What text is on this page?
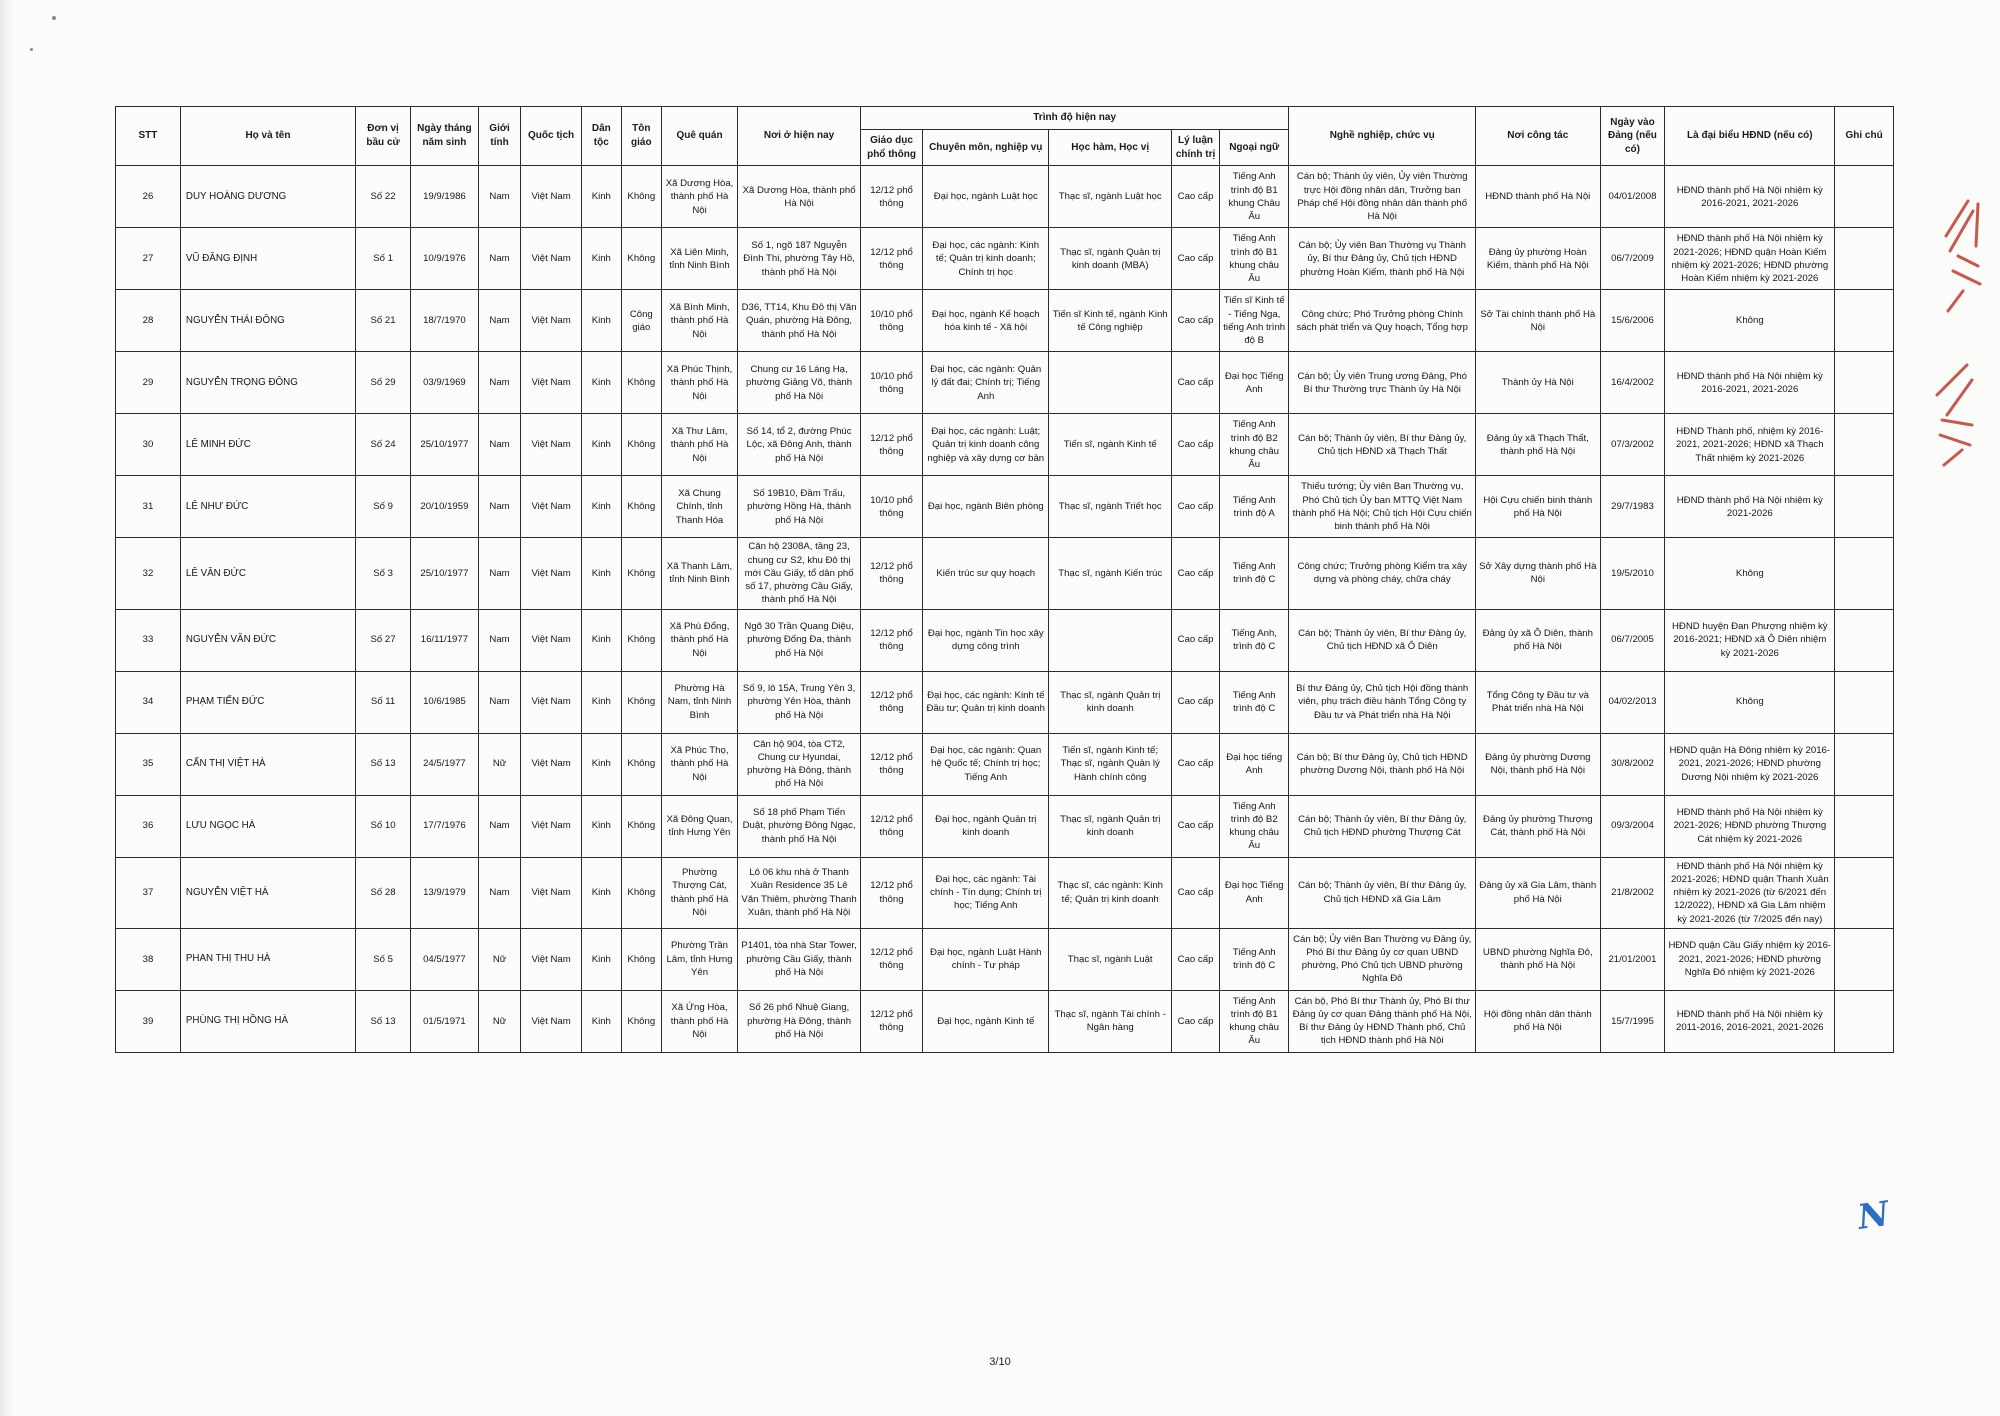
STT	Họ và tên	Đơn vị bầu cử	Ngày tháng năm sinh	Giới tính	Quốc tịch	Dân tộc	Tôn giáo	Quê quán	Nơi ở hiện nay	Trình độ hiện nay					Nghề nghiệp, chức vụ	Nơi công tác	Ngày vào Đảng (nếu có)	Là đại biểu HĐND (nếu có)	Ghi chú
										Giáo dục phổ thông	Chuyên môn, nghiệp vụ	Học hàm, Học vị	Lý luận chính trị	Ngoại ngữ					
26	DUY HOÀNG DƯƠNG	Số 22	19/9/1986	Nam	Việt Nam	Kinh	Không	Xã Dương Hòa, thành phố Hà Nội	Xã Dương Hòa, thành phố Hà Nội	12/12 phổ thông	Đại học, ngành Luật học	Thạc sĩ, ngành Luật học	Cao cấp	Tiếng Anh trình độ B1 khung Châu Âu	Cán bộ; Thành ủy viên, Ủy viên Thường trực Hội đồng nhân dân, Trưởng ban Pháp chế Hội đồng nhân dân thành phố Hà Nội	HĐND thành phố Hà Nội	04/01/2008	HĐND thành phố Hà Nội nhiệm kỳ 2016-2021, 2021-2026	
27	VŨ ĐĂNG ĐỊNH	Số 1	10/9/1976	Nam	Việt Nam	Kinh	Không	Xã Liên Minh, tỉnh Ninh Bình	Số 1, ngõ 187 Nguyễn Đình Thi, phường Tây Hồ, thành phố Hà Nội	12/12 phổ thông	Đại học, các ngành: Kinh tế; Quản trị kinh doanh; Chính trị học	Thạc sĩ, ngành Quản trị kinh doanh (MBA)	Cao cấp	Tiếng Anh trình độ B1 khung châu Âu	Cán bộ; Ủy viên Ban Thường vụ Thành ủy, Bí thư Đảng ủy, Chủ tịch HĐND phường Hoàn Kiếm, thành phố Hà Nội	Đảng ủy phường Hoàn Kiếm, thành phố Hà Nội	06/7/2009	HĐND thành phố Hà Nội nhiệm kỳ 2021-2026; HĐND quận Hoàn Kiếm nhiệm kỳ 2021-2026; HĐND phường Hoàn Kiếm nhiệm kỳ 2021-2026	
28	NGUYỄN THÁI ĐÔNG	Số 21	18/7/1970	Nam	Việt Nam	Kinh	Công giáo	Xã Bình Minh, thành phố Hà Nội	D36, TT14, Khu Đô thị Văn Quán, phường Hà Đông, thành phố Hà Nội	10/10 phổ thông	Đại học, ngành Kế hoạch hóa kinh tế - Xã hội	Tiến sĩ Kinh tế, ngành Kinh tế Công nghiệp	Cao cấp	Tiến sĩ Kinh tế - Tiếng Nga, tiếng Anh trình độ B	Công chức; Phó Trưởng phòng Chính sách phát triển và Quy hoạch, Tổng hợp	Sở Tài chính thành phố Hà Nội	15/6/2006	Không	
29	NGUYỄN TRỌNG ĐÔNG	Số 29	03/9/1969	Nam	Việt Nam	Kinh	Không	Xã Phúc Thịnh, thành phố Hà Nội	Chung cư 16 Láng Hạ, phường Giảng Võ, thành phố Hà Nội	10/10 phổ thông	Đại học, các ngành: Quản lý đất đai; Chính trị; Tiếng Anh		Cao cấp	Đại học Tiếng Anh	Cán bộ; Ủy viên Trung ương Đảng, Phó Bí thư Thường trực Thành ủy Hà Nội	Thành ủy Hà Nội	16/4/2002	HĐND thành phố Hà Nội nhiệm kỳ 2016-2021, 2021-2026	
30	LÊ MINH ĐỨC	Số 24	25/10/1977	Nam	Việt Nam	Kinh	Không	Xã Thư Lâm, thành phố Hà Nội	Số 14, tổ 2, đường Phúc Lộc, xã Đông Anh, thành phố Hà Nội	12/12 phổ thông	Đại học, các ngành: Luật; Quản trị kinh doanh công nghiệp và xây dựng cơ bản	Tiến sĩ, ngành Kinh tế	Cao cấp	Tiếng Anh trình độ B2 khung châu Âu	Cán bộ; Thành ủy viên, Bí thư Đảng ủy, Chủ tịch HĐND xã Thạch Thất	Đảng ủy xã Thạch Thất, thành phố Hà Nội	07/3/2002	HĐND Thành phố, nhiệm kỳ 2016-2021, 2021-2026; HĐND xã Thạch Thất nhiệm kỳ 2021-2026	
31	LÊ NHƯ ĐỨC	Số 9	20/10/1959	Nam	Việt Nam	Kinh	Không	Xã Chung Chính, tỉnh Thanh Hóa	Số 19B10, Đầm Trấu, phường Hồng Hà, thành phố Hà Nội	10/10 phổ thông	Đại học, ngành Biên phòng	Thạc sĩ, ngành Triết học	Cao cấp	Tiếng Anh trình độ A	Thiếu tướng; Ủy viên Ban Thường vụ, Phó Chủ tịch Ủy ban MTTQ Việt Nam thành phố Hà Nội; Chủ tịch Hội Cựu chiến binh thành phố Hà Nội	Hội Cựu chiến binh thành phố Hà Nội	29/7/1983	HĐND thành phố Hà Nội nhiệm kỳ 2021-2026	
32	LÊ VĂN ĐỨC	Số 3	25/10/1977	Nam	Việt Nam	Kinh	Không	Xã Thanh Lâm, tỉnh Ninh Bình	Căn hộ 2308A, tầng 23, chung cư S2, khu Đô thị mới Cầu Giấy, tổ dân phố số 17, phường Cầu Giấy, thành phố Hà Nội	12/12 phổ thông	Kiến trúc sư quy hoạch	Thạc sĩ, ngành Kiến trúc	Cao cấp	Tiếng Anh trình độ C	Công chức; Trưởng phòng Kiểm tra xây dựng và phòng cháy, chữa cháy	Sở Xây dựng thành phố Hà Nội	19/5/2010	Không	
33	NGUYỄN VĂN ĐỨC	Số 27	16/11/1977	Nam	Việt Nam	Kinh	Không	Xã Phù Đổng, thành phố Hà Nội	Ngõ 30 Trần Quang Diệu, phường Đống Đa, thành phố Hà Nội	12/12 phổ thông	Đại học, ngành Tin học xây dựng công trình		Cao cấp	Tiếng Anh, trình độ C	Cán bộ; Thành ủy viên, Bí thư Đảng ủy, Chủ tịch HĐND xã Ô Diên	Đảng ủy xã Ô Diên, thành phố Hà Nội	06/7/2005	HĐND huyện Đan Phượng nhiệm kỳ 2016-2021; HĐND xã Ô Diên nhiệm kỳ 2021-2026	
34	PHẠM TIẾN ĐỨC	Số 11	10/6/1985	Nam	Việt Nam	Kinh	Không	Phường Hà Nam, tỉnh Ninh Bình	Số 9, lô 15A, Trung Yên 3, phường Yên Hòa, thành phố Hà Nội	12/12 phổ thông	Đại học, các ngành: Kinh tế Đầu tư; Quản trị kinh doanh	Thạc sĩ, ngành Quản trị kinh doanh	Cao cấp	Tiếng Anh trình độ C	Bí thư Đảng ủy, Chủ tịch Hội đồng thành viên, phụ trách điều hành Tổng Công ty Đầu tư và Phát triển nhà Hà Nội	Tổng Công ty Đầu tư và Phát triển nhà Hà Nội	04/02/2013	Không	
35	CẤN THỊ VIỆT HÀ	Số 13	24/5/1977	Nữ	Việt Nam	Kinh	Không	Xã Phúc Thọ, thành phố Hà Nội	Căn hộ 904, tòa CT2, Chung cư Hyundai, phường Hà Đông, thành phố Hà Nội	12/12 phổ thông	Đại học, các ngành: Quan hệ Quốc tế; Chính trị học; Tiếng Anh	Tiến sĩ, ngành Kinh tế; Thạc sĩ, ngành Quản lý Hành chính công	Cao cấp	Đại học tiếng Anh	Cán bộ; Bí thư Đảng ủy, Chủ tịch HĐND phường Dương Nội, thành phố Hà Nội	Đảng ủy phường Dương Nội, thành phố Hà Nội	30/8/2002	HĐND quận Hà Đông nhiệm kỳ 2016-2021, 2021-2026; HĐND phường Dương Nội nhiệm kỳ 2021-2026	
36	LƯU NGỌC HÀ	Số 10	17/7/1976	Nam	Việt Nam	Kinh	Không	Xã Đông Quan, tỉnh Hưng Yên	Số 18 phố Phạm Tiến Duật, phường Đông Ngạc, thành phố Hà Nội	12/12 phổ thông	Đại học, ngành Quản trị kinh doanh	Thạc sĩ, ngành Quản trị kinh doanh	Cao cấp	Tiếng Anh trình độ B2 khung châu Âu	Cán bộ; Thành ủy viên, Bí thư Đảng ủy, Chủ tịch HĐND phường Thượng Cát	Đảng ủy phường Thượng Cát, thành phố Hà Nội	09/3/2004	HĐND thành phố Hà Nội nhiệm kỳ 2021-2026; HĐND phường Thượng Cát nhiệm kỳ 2021-2026	
37	NGUYỄN VIỆT HÀ	Số 28	13/9/1979	Nam	Việt Nam	Kinh	Không	Phường Thượng Cát, thành phố Hà Nội	Lô 06 khu nhà ở Thanh Xuân Residence 35 Lê Văn Thiêm, phường Thanh Xuân, thành phố Hà Nội	12/12 phổ thông	Đại học, các ngành: Tài chính - Tín dụng; Chính trị học; Tiếng Anh	Thạc sĩ, các ngành: Kinh tế; Quản trị kinh doanh	Cao cấp	Đại học Tiếng Anh	Cán bộ; Thành ủy viên, Bí thư Đảng ủy, Chủ tịch HĐND xã Gia Lâm	Đảng ủy xã Gia Lâm, thành phố Hà Nội	21/8/2002	HĐND thành phố Hà Nội nhiệm kỳ 2021-2026; HĐND quận Thanh Xuân nhiệm kỳ 2021-2026 (từ 6/2021 đến 12/2022), HĐND xã Gia Lâm nhiệm kỳ 2021-2026 (từ 7/2025 đến nay)	
38	PHAN THỊ THU HÀ	Số 5	04/5/1977	Nữ	Việt Nam	Kinh	Không	Phường Trần Lâm, tỉnh Hưng Yên	P1401, tòa nhà Star Tower, phường Cầu Giấy, thành phố Hà Nội	12/12 phổ thông	Đại học, ngành Luật Hành chính - Tư pháp	Thạc sĩ, ngành Luật	Cao cấp	Tiếng Anh trình độ C	Cán bộ; Ủy viên Ban Thường vụ Đảng ủy, Phó Bí thư Đảng ủy cơ quan UBND phường, Phó Chủ tịch UBND phường Nghĩa Đô	UBND phường Nghĩa Đô, thành phố Hà Nội	21/01/2001	HĐND quận Cầu Giấy nhiệm kỳ 2016-2021, 2021-2026; HĐND phường Nghĩa Đô nhiệm kỳ 2021-2026	
39	PHÙNG THỊ HỒNG HÀ	Số 13	01/5/1971	Nữ	Việt Nam	Kinh	Không	Xã Ứng Hòa, thành phố Hà Nội	Số 26 phố Nhuệ Giang, phường Hà Đông, thành phố Hà Nội	12/12 phổ thông	Đại học, ngành Kinh tế	Thạc sĩ, ngành Tài chính - Ngân hàng	Cao cấp	Tiếng Anh trình độ B1 khung châu Âu	Cán bộ, Phó Bí thư Thành ủy, Phó Bí thư Đảng ủy cơ quan Đảng thành phố Hà Nội, Bí thư Đảng ủy HĐND Thành phố, Chủ tịch HĐND thành phố Hà Nội	Hội đồng nhân dân thành phố Hà Nội	15/7/1995	HĐND thành phố Hà Nội nhiệm kỳ 2011-2016, 2016-2021, 2021-2026	
N
3/10
